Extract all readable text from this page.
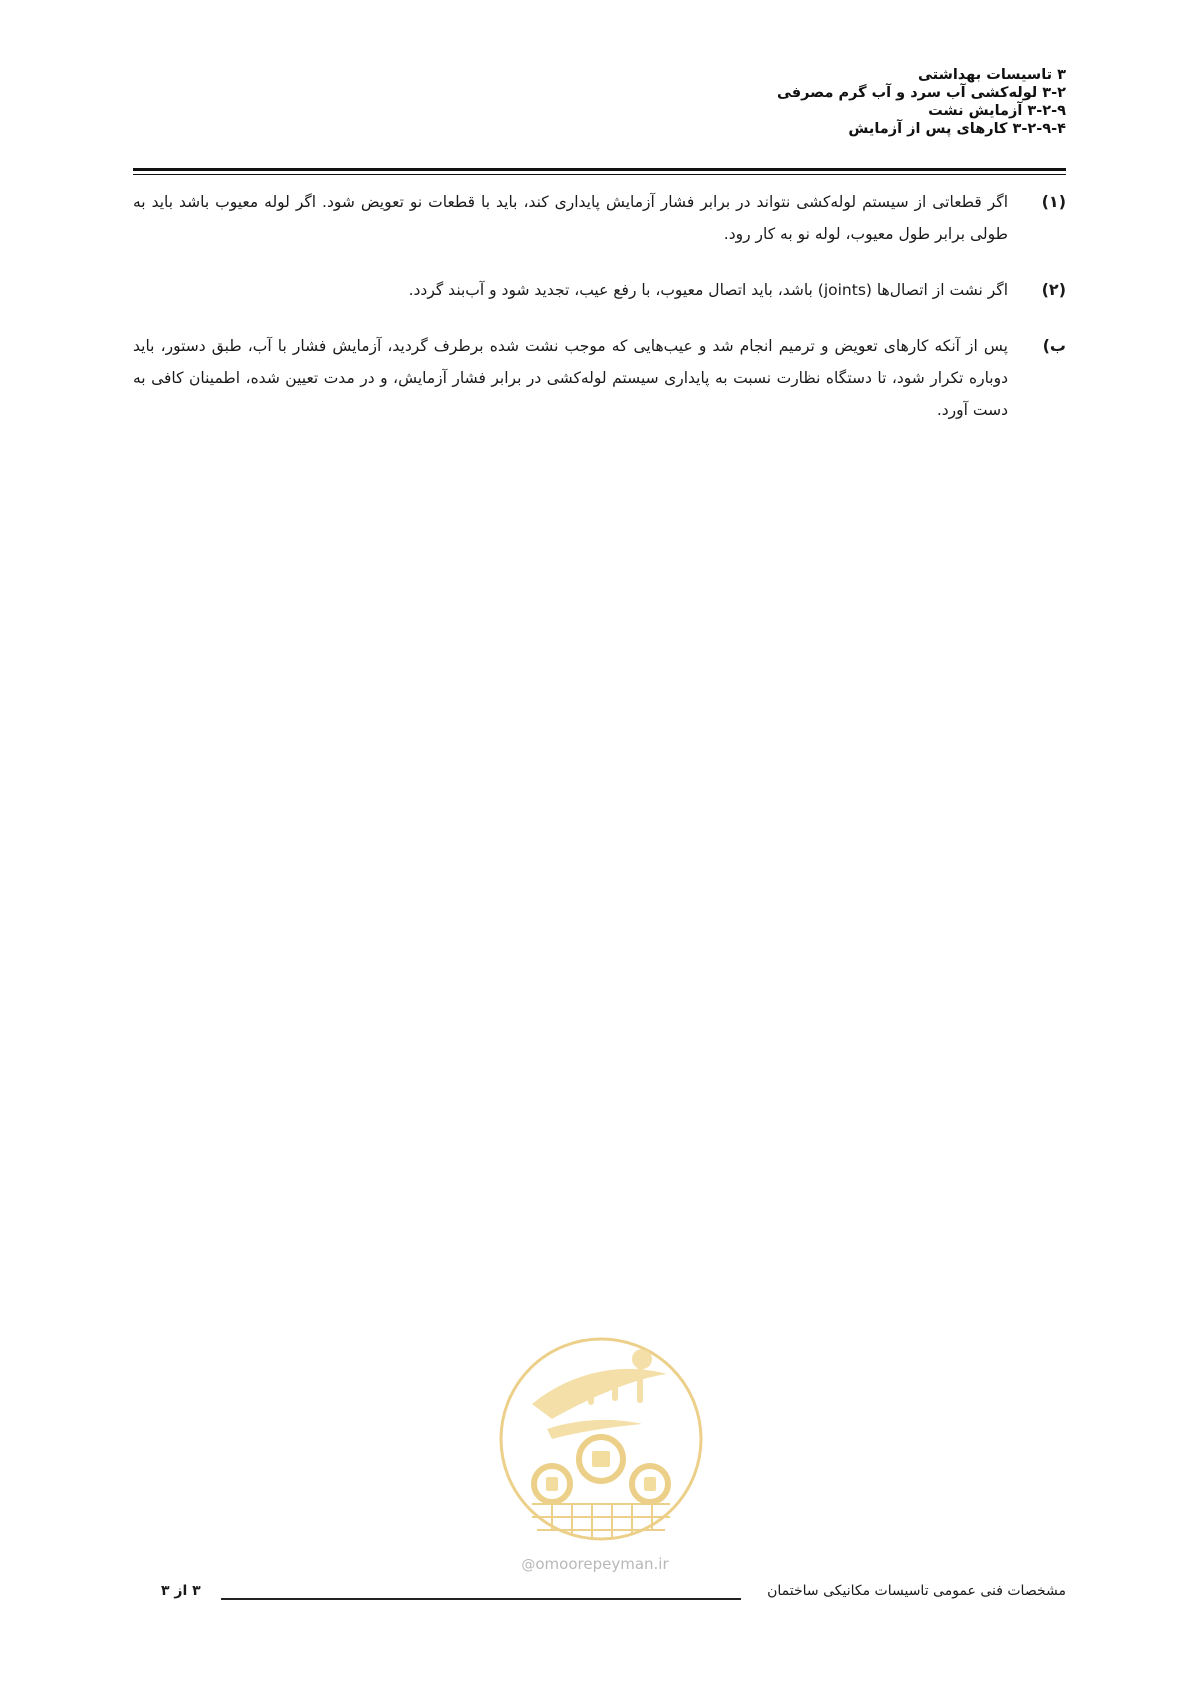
۳ تاسیسات بهداشتی
۳-۲ لوله‌کشی آب سرد و آب گرم مصرفی
۳-۲-۹ آزمایش نشت
۳-۲-۹-۴ کارهای پس از آزمایش
(۱)
اگر قطعاتی از سیستم لوله‌کشی نتواند در برابر فشار آزمایش پایداری کند، باید با قطعات نو تعویض شود. اگر لوله معیوب باشد باید به طولی برابر طول معیوب، لوله نو به کار رود.
(۲)
اگر نشت از اتصال‌ها (joints) باشد، باید اتصال معیوب، با رفع عیب، تجدید شود و آب‌بند گردد.
ب)
پس از آنکه کارهای تعویض و ترمیم انجام شد و عیب‌هایی که موجب نشت شده برطرف گردید، آزمایش فشار با آب، طبق دستور، باید دوباره تکرار شود، تا دستگاه نظارت نسبت به پایداری سیستم لوله‌کشی در برابر فشار آزمایش، و در مدت تعیین شده، اطمینان کافی به دست آورد.
@omoorepeyman.ir
مشخصات فنی عمومی تاسیسات مکانیکی ساختمان
۳ از ۳
